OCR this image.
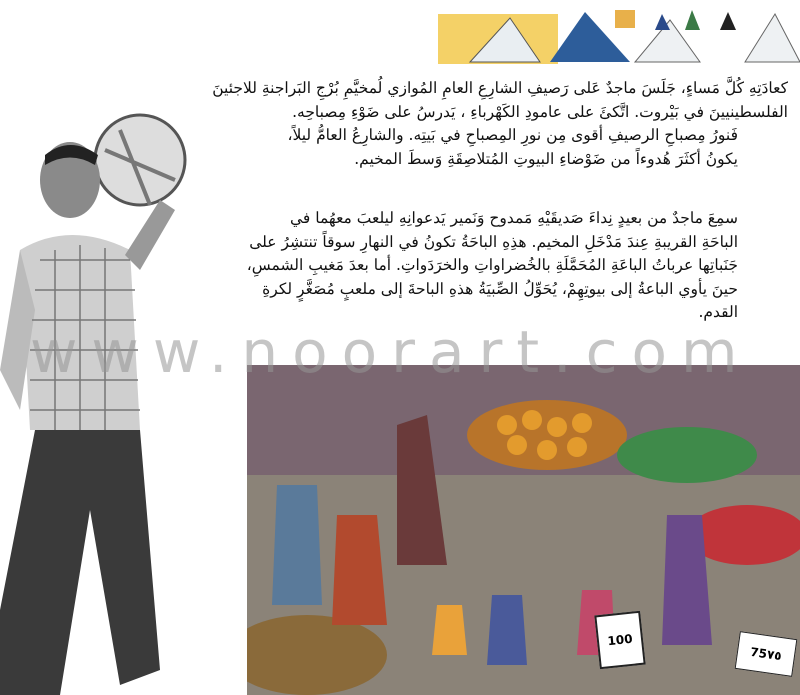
كعادَتِهِ كُلَّ مَساءٍ، جَلَسَ ماجدٌ عَلى رَصيفِ الشارِعِ العامِ المُوازي لُمخيَّمِ بُرْجِ البَراجنةِ للاجئينَ
الفلسطينيينَ في بَيْروت. اتَّكئَ على عامودِ الكَهْرباءِ ، يَدرسُ على ضَوْءِ مِصباحِه.
فَنورُ مِصباحِ الرصيفِ أقوى مِن نورِ المِصباحِ في بَيتِه. والشارِعُ العامُّ ليلاً،
يكونُ أكثَرَ هُدوءاً من ضَوْضاءِ البيوتِ المُتلاصِقَةِ وَسطَ المخيم.
سمِعَ ماجدٌ من بعيدٍ نِداءَ صَديقَيْهِ مَمدوح وَنَمير يَدعوانِهِ ليلعبَ معهُما في
الباحَةِ القريبةِ عِندَ مَدْخَلِ المخيم. هذِهِ الباحَةُ تكونُ في النهارِ سوقاً تنتشِرُ على
جَنَباتِها عرباتُ الباعَةِ المُحَمَّلَةِ بالخُضراواتِ والخرَدَواتِ. أما بعدَ مَغيبِ الشمسِ،
حينَ يأوي الباعةُ إلى بيوتِهِمْ، يُحَوِّلُ الصِّبيَةُ هذهِ الباحةَ إلى ملعبٍ مُصَغَّرٍ لكرةِ
القدم.
100
75٧٥
www.noorart.com
